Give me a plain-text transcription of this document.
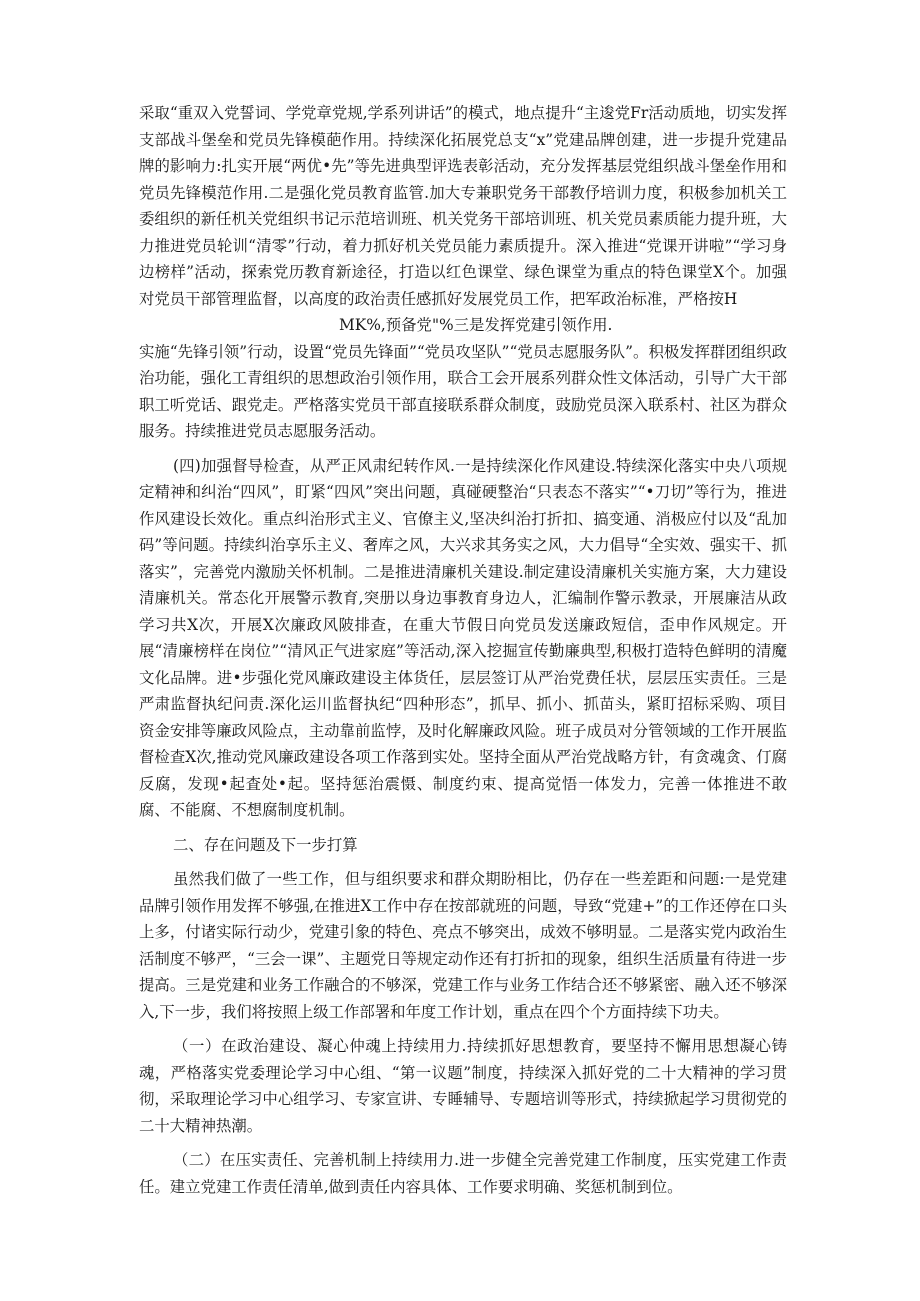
采取“重双入党誓词、学党章党规,学系列讲话”的模式，地点提升“主逡党Fr活动质地，切实发挥支部战斗堡垒和党员先锋模葩作用。持续深化拓展党总支“x”党建品牌创建，进一步提升党建品牌的影响力:扎实开展“两优•先”等先进典型评选表彰活动，充分发挥基层党组织战斗堡垒作用和党员先锋模范作用.二是强化党员教育监管.加大专兼职党务干部教伃培训力度，积极参加机关工委组织的新任机关党组织书记示范培训班、机关党务干部培训班、机关党员素质能力提升班，大力推进党员轮训“清零”行动，着力抓好机关党员能力素质提升。深入推进“党课开讲啦”“学习身边榜样”活动，探索党历教育新途径，打造以红色课堂、绿色课堂为重点的特色课堂X个。加强对党员干部管理监督，以高度的政治责任感抓好发展党员工作，把军政治标准，严格按H

MK%,预备党"%三是发挥党建引领作用.

实施“先锋引领”行动，设置“党员先锋面”“党员攻坚队”“党员志愿服务队”。积极发挥群团组织政治功能，强化工青组织的思想政治引领作用，联合工会开展系列群众性文体活动，引导广大干部职工听党话、跟党走。严格落实党员干部直接联系群众制度，豉励党员深入联系村、社区为群众服务。持续推进党员志愿服务活动。

(四)加强督导检查，从严正风肃纪转作风.一是持续深化作风建设.特续深化落实中央八项规定精神和纠治“四风”，盯紧“四风”突出问题，真碰硬整治“只表态不落实”“•刀切”等行为，推进作风建设长效化。重点纠治形式主义、官僚主义,坚决纠治打折扣、搞变通、消极应付以及“乱加码”等问题。持续纠治享乐主义、奢库之风，大兴求其务实之风，大力倡导“全实效、强实干、抓落实”，完善党内激励关怀机制。二是推进清廉机关建设.制定建设清廉机关实施方案，大力建设清廉机关。常态化开展警示教育,突册以身边事教育身边人，汇编制作警示教录，开展廉洁从政学习共X次，开展X次廉政风陂排查，在重大节假日向党员发送廉政短信，歪申作风规定。开展“清廉榜样在岗位”“清风正气进家庭”等活动,深入挖掘宣传勤廉典型,积极打造特色鲜明的清魔文化品牌。进•步强化党风廉政建设主体货任，层层签订从严治党费任状，层层压实责任。三是严肃监督执纪问责.深化运川监督执纪“四种形态”，抓早、抓小、抓苗头，紧盯招标采购、项目资金安排等廉政风险点，主动靠前监悖，及时化解廉政风险。班子成员对分管领域的工作开展监督检查X次,推动党风廉政建设各项工作落到实处。坚持全面从严治党战略方针，有贪魂贪、仃腐反腐，发现•起査处•起。坚持惩治震慑、制度约束、提高觉悟一体发力，完善一体推进不敢腐、不能腐、不想腐制度机制。

二、存在问题及下一步打算

虽然我们做了一些工作，但与组织要求和群众期盼相比，仍存在一些差距和问题:一是党建品牌引领作用发挥不够强,在推进X工作中存在按部就班的问题，导致“党建+”的工作还停在口头上多，付诸实际行动少，党建引象的特色、亮点不够突出，成效不够明显。二是落实党内政治生活制度不够严，“三会一课”、主题党日等规定动作还有打折扣的现象，组织生活质量有待进一步提高。三是党建和业务工作融合的不够深，党建工作与业务工作结合还不够紧密、融入还不够深入,下一步，我们将按照上级工作部署和年度工作计划，重点在四个个方面持续下功夫。

（一）在政治建设、凝心仲魂上持续用力.持续抓好思想教育，要坚持不懈用思想凝心铸魂，严格落实党委理论学习中心组、“第一议题”制度，持续深入抓好党的二十大精神的学习贯彻，采取理论学习中心组学习、专家宣讲、专睡辅导、专题培训等形式，持续掀起学习贯彻党的二十大精神热潮。

（二）在压实责任、完善机制上持续用力.进一步健全完善党建工作制度，压实党建工作责任。建立党建工作责任清单,做到责任内容具体、工作要求明确、奖惩机制到位。
